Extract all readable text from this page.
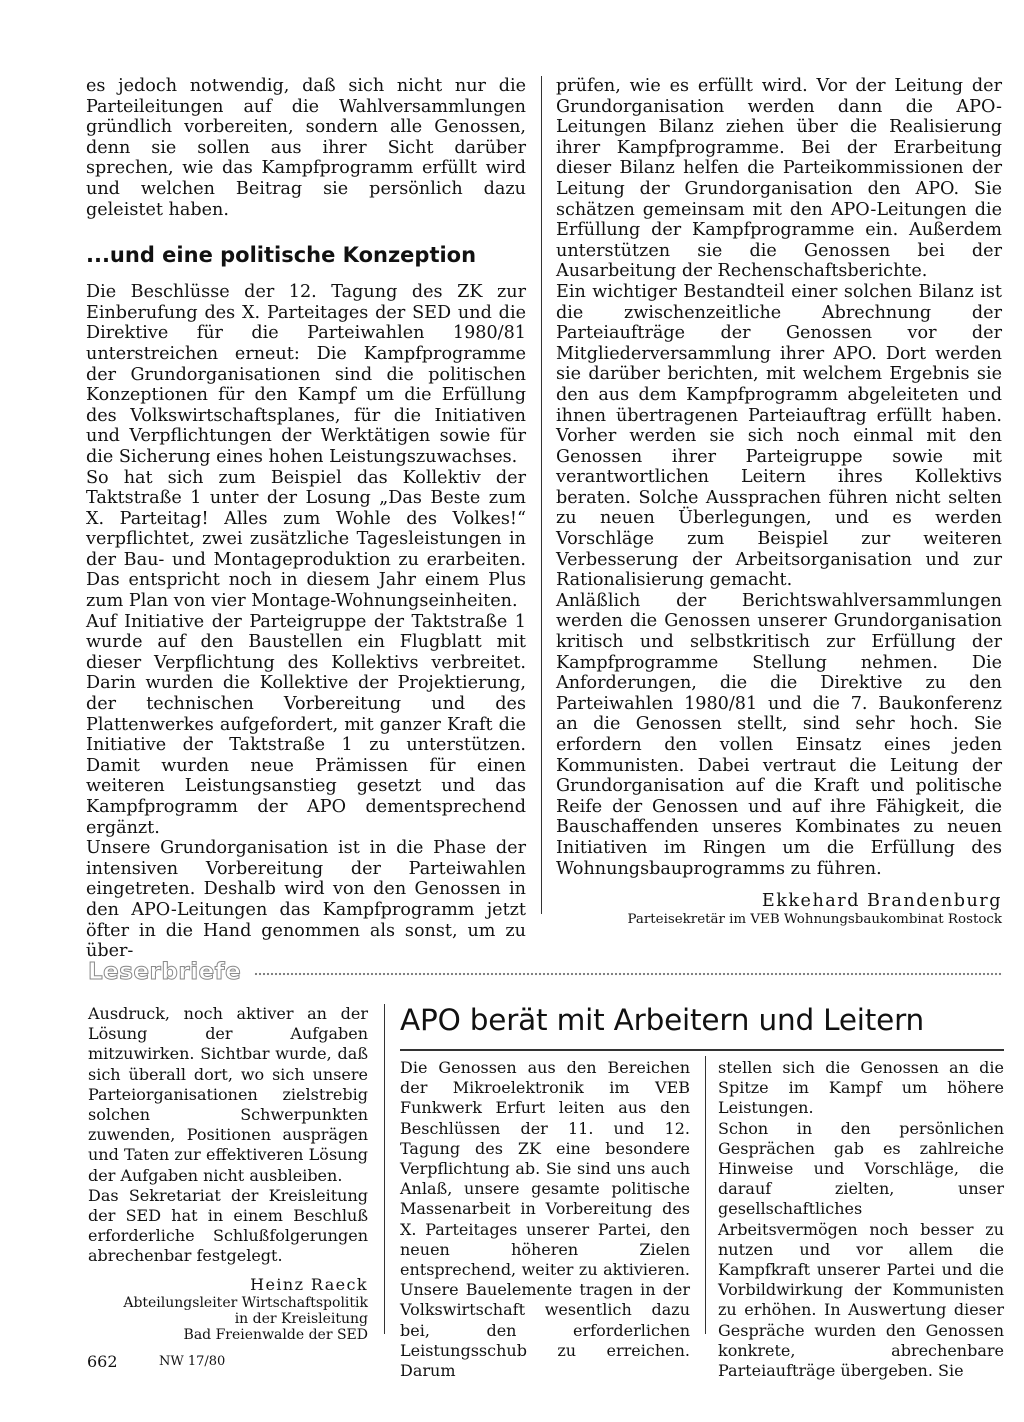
es jedoch notwendig, daß sich nicht nur die Parteileitungen auf die Wahlversammlungen gründlich vorbereiten, sondern alle Genossen, denn sie sollen aus ihrer Sicht darüber sprechen, wie das Kampfprogramm erfüllt wird und welchen Beitrag sie persönlich dazu geleistet haben.

...und eine politische Konzeption

Die Beschlüsse der 12. Tagung des ZK zur Einberufung des X. Parteitages der SED und die Direktive für die Parteiwahlen 1980/81 unterstreichen erneut: Die Kampfprogramme der Grundorganisationen sind die politischen Konzeptionen für den Kampf um die Erfüllung des Volkswirtschaftsplanes, für die Initiativen und Verpflichtungen der Werktätigen sowie für die Sicherung eines hohen Leistungszuwachses.

So hat sich zum Beispiel das Kollektiv der Taktstraße 1 unter der Losung „Das Beste zum X. Parteitag! Alles zum Wohle des Volkes!“ verpflichtet, zwei zusätzliche Tagesleistungen in der Bau- und Montageproduktion zu erarbeiten. Das entspricht noch in diesem Jahr einem Plus zum Plan von vier Montage-Wohnungseinheiten.

Auf Initiative der Parteigruppe der Taktstraße 1 wurde auf den Baustellen ein Flugblatt mit dieser Verpflichtung des Kollektivs verbreitet. Darin wurden die Kollektive der Projektierung, der technischen Vorbereitung und des Plattenwerkes aufgefordert, mit ganzer Kraft die Initiative der Taktstraße 1 zu unterstützen. Damit wurden neue Prämissen für einen weiteren Leistungsanstieg gesetzt und das Kampfprogramm der APO dementsprechend ergänzt.

Unsere Grundorganisation ist in die Phase der intensiven Vorbereitung der Parteiwahlen eingetreten. Deshalb wird von den Genossen in den APO-Leitungen das Kampfprogramm jetzt öfter in die Hand genommen als sonst, um zu über-

prüfen, wie es erfüllt wird. Vor der Leitung der Grundorganisation werden dann die APO-Leitungen Bilanz ziehen über die Realisierung ihrer Kampfprogramme. Bei der Erarbeitung dieser Bilanz helfen die Parteikommissionen der Leitung der Grundorganisation den APO. Sie schätzen gemeinsam mit den APO-Leitungen die Erfüllung der Kampfprogramme ein. Außerdem unterstützen sie die Genossen bei der Ausarbeitung der Rechenschaftsberichte.

Ein wichtiger Bestandteil einer solchen Bilanz ist die zwischenzeitliche Abrechnung der Parteiaufträge der Genossen vor der Mitgliederversammlung ihrer APO. Dort werden sie darüber berichten, mit welchem Ergebnis sie den aus dem Kampfprogramm abgeleiteten und ihnen übertragenen Parteiauftrag erfüllt haben. Vorher werden sie sich noch einmal mit den Genossen ihrer Parteigruppe sowie mit verantwortlichen Leitern ihres Kollektivs beraten. Solche Aussprachen führen nicht selten zu neuen Überlegungen, und es werden Vorschläge zum Beispiel zur weiteren Verbesserung der Arbeitsorganisation und zur Rationalisierung gemacht.

Anläßlich der Berichtswahlversammlungen werden die Genossen unserer Grundorganisation kritisch und selbstkritisch zur Erfüllung der Kampfprogramme Stellung nehmen. Die Anforderungen, die die Direktive zu den Parteiwahlen 1980/81 und die 7. Baukonferenz an die Genossen stellt, sind sehr hoch. Sie erfordern den vollen Einsatz eines jeden Kommunisten. Dabei vertraut die Leitung der Grundorganisation auf die Kraft und politische Reife der Genossen und auf ihre Fähigkeit, die Bauschaffenden unseres Kombinates zu neuen Initiativen im Ringen um die Erfüllung des Wohnungsbauprogramms zu führen.

Ekkehard Brandenburg

Parteisekretär im VEB Wohnungsbaukombinat Rostock

Leserbriefe

Ausdruck, noch aktiver an der Lösung der Aufgaben mitzuwirken. Sichtbar wurde, daß sich überall dort, wo sich unsere Parteiorganisationen zielstrebig solchen Schwerpunkten zuwenden, Positionen ausprägen und Taten zur effektiveren Lösung der Aufgaben nicht ausbleiben.

Das Sekretariat der Kreisleitung der SED hat in einem Beschluß erforderliche Schlußfolgerungen abrechenbar festgelegt.

Heinz Raeck

Abteilungsleiter Wirtschaftspolitik

in der Kreisleitung

Bad Freienwalde der SED

APO berät mit Arbeitern und Leitern

Die Genossen aus den Bereichen der Mikroelektronik im VEB Funkwerk Erfurt leiten aus den Beschlüssen der 11. und 12. Tagung des ZK eine besondere Verpflichtung ab. Sie sind uns auch Anlaß, unsere gesamte politische Massenarbeit in Vorbereitung des X. Parteitages unserer Partei, den neuen höheren Zielen entsprechend, weiter zu aktivieren. Unsere Bauelemente tragen in der Volkswirtschaft wesentlich dazu bei, den erforderlichen Leistungsschub zu erreichen. Darum

stellen sich die Genossen an die Spitze im Kampf um höhere Leistungen.

Schon in den persönlichen Gesprächen gab es zahlreiche Hinweise und Vorschläge, die darauf zielten, unser gesellschaftliches Arbeitsvermögen noch besser zu nutzen und vor allem die Kampfkraft unserer Partei und die Vorbildwirkung der Kommunisten zu erhöhen. In Auswertung dieser Gespräche wurden den Genossen konkrete, abrechenbare Parteiaufträge übergeben. Sie

662	NW 17/80
